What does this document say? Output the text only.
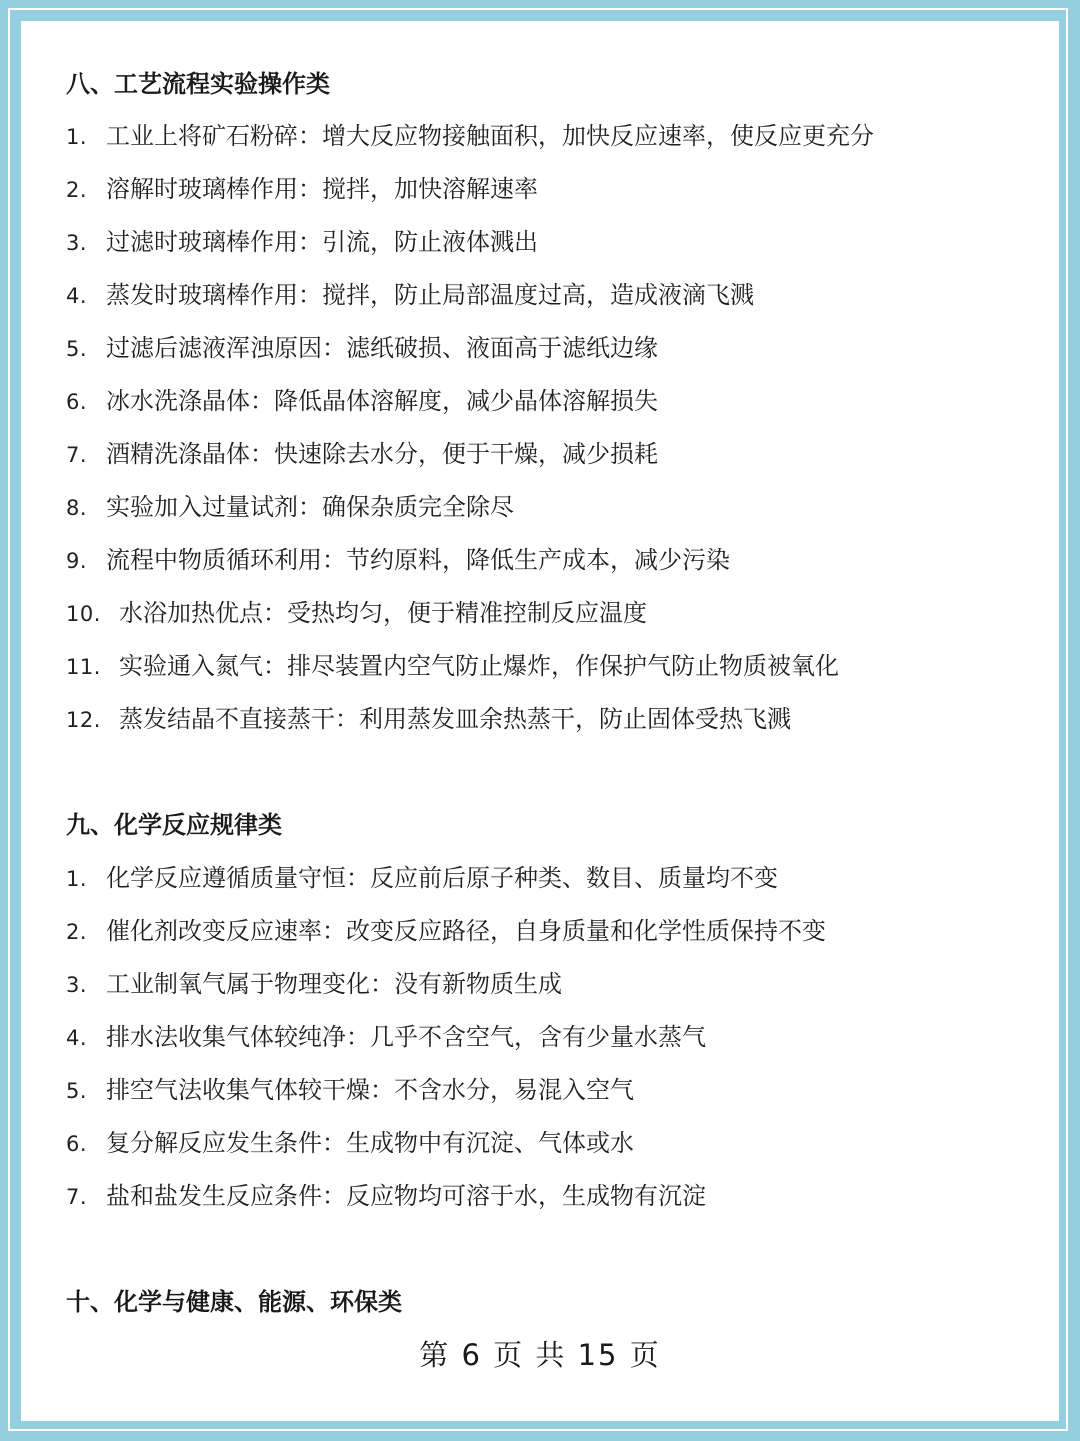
八、工艺流程实验操作类
1. 工业上将矿石粉碎：增大反应物接触面积，加快反应速率，使反应更充分
2. 溶解时玻璃棒作用：搅拌，加快溶解速率
3. 过滤时玻璃棒作用：引流，防止液体溅出
4. 蒸发时玻璃棒作用：搅拌，防止局部温度过高，造成液滴飞溅
5. 过滤后滤液浑浊原因：滤纸破损、液面高于滤纸边缘
6. 冰水洗涤晶体：降低晶体溶解度，减少晶体溶解损失
7. 酒精洗涤晶体：快速除去水分，便于干燥，减少损耗
8. 实验加入过量试剂：确保杂质完全除尽
9. 流程中物质循环利用：节约原料，降低生产成本，减少污染
10. 水浴加热优点：受热均匀，便于精准控制反应温度
11. 实验通入氮气：排尽装置内空气防止爆炸，作保护气防止物质被氧化
12. 蒸发结晶不直接蒸干：利用蒸发皿余热蒸干，防止固体受热飞溅
九、化学反应规律类
1. 化学反应遵循质量守恒：反应前后原子种类、数目、质量均不变
2. 催化剂改变反应速率：改变反应路径，自身质量和化学性质保持不变
3. 工业制氧气属于物理变化：没有新物质生成
4. 排水法收集气体较纯净：几乎不含空气，含有少量水蒸气
5. 排空气法收集气体较干燥：不含水分，易混入空气
6. 复分解反应发生条件：生成物中有沉淀、气体或水
7. 盐和盐发生反应条件：反应物均可溶于水，生成物有沉淀
十、化学与健康、能源、环保类
第 6 页 共 15 页
